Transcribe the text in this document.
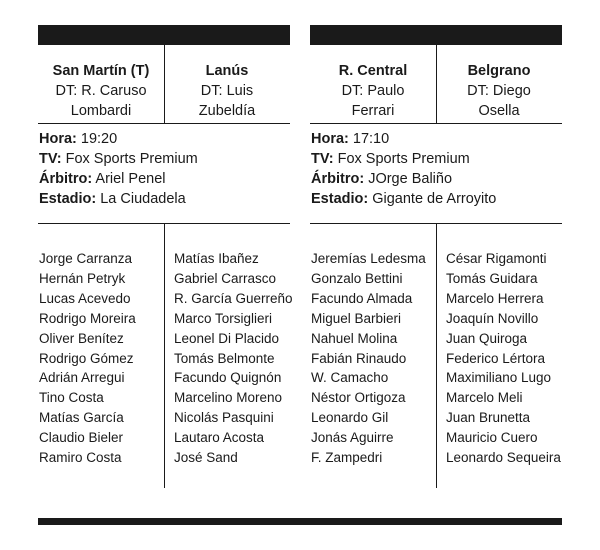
San Martín (T)
DT: R. Caruso
Lombardi
Lanús
DT: Luis
Zubeldía
Hora: 19:20
TV: Fox Sports Premium
Árbitro: Ariel Penel
Estadio: La Ciudadela
Jorge Carranza
Hernán Petryk
Lucas Acevedo
Rodrigo Moreira
Oliver Benítez
Rodrigo Gómez
Adrián Arregui
Tino Costa
Matías García
Claudio Bieler
Ramiro Costa
Matías Ibañez
Gabriel Carrasco
R. García Guerreño
Marco Torsiglieri
Leonel Di Placido
Tomás Belmonte
Facundo Quignón
Marcelino Moreno
Nicolás Pasquini
Lautaro Acosta
José Sand
R. Central
DT: Paulo
Ferrari
Belgrano
DT: Diego
Osella
Hora: 17:10
TV: Fox Sports Premium
Árbitro: JOrge Baliño
Estadio: Gigante de Arroyito
Jeremías Ledesma
Gonzalo Bettini
Facundo Almada
Miguel Barbieri
Nahuel Molina
Fabián Rinaudo
W. Camacho
Néstor Ortigoza
Leonardo Gil
Jonás Aguirre
F. Zampedri
César Rigamonti
Tomás Guidara
Marcelo Herrera
Joaquín Novillo
Juan Quiroga
Federico Lértora
Maximiliano Lugo
Marcelo Meli
Juan Brunetta
Mauricio Cuero
Leonardo Sequeira
